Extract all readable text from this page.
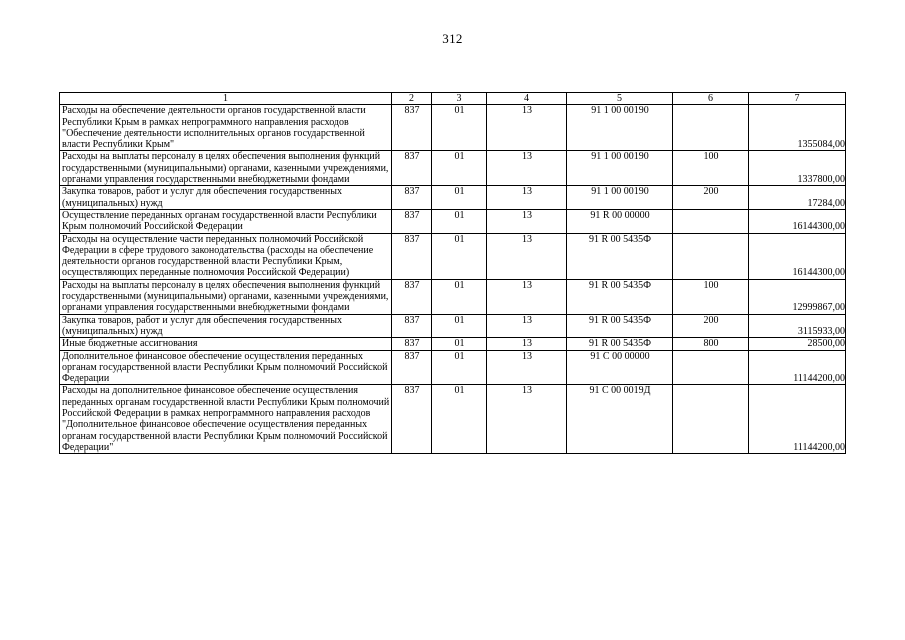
312
1	2	3	4	5	6	7
Расходы на обеспечение деятельности органов государственной власти Республики Крым в рамках непрограммного направления расходов "Обеспечение деятельности исполнительных органов государственной власти Республики Крым"	837	01	13	91 1 00 00190		1355084,00
Расходы на выплаты персоналу в целях обеспечения выполнения функций государственными (муниципальными) органами, казенными учреждениями, органами управления государственными внебюджетными фондами	837	01	13	91 1 00 00190	100	1337800,00
Закупка товаров, работ и услуг для обеспечения государственных (муниципальных) нужд	837	01	13	91 1 00 00190	200	17284,00
Осуществление переданных органам государственной власти Республики Крым полномочий Российской Федерации	837	01	13	91 R 00 00000		16144300,00
Расходы на осуществление части переданных полномочий Российской Федерации в сфере трудового законодательства (расходы на обеспечение деятельности органов государственной власти Республики Крым, осуществляющих переданные полномочия Российской Федерации)	837	01	13	91 R 00 5435Ф		16144300,00
Расходы на выплаты персоналу в целях обеспечения выполнения функций государственными (муниципальными) органами, казенными учреждениями, органами управления государственными внебюджетными фондами	837	01	13	91 R 00 5435Ф	100	12999867,00
Закупка товаров, работ и услуг для обеспечения государственных (муниципальных) нужд	837	01	13	91 R 00 5435Ф	200	3115933,00
Иные бюджетные ассигнования	837	01	13	91 R 00 5435Ф	800	28500,00
Дополнительное финансовое обеспечение осуществления переданных органам государственной власти Республики Крым полномочий Российской Федерации	837	01	13	91 С 00 00000		11144200,00
Расходы на дополнительное финансовое обеспечение осуществления переданных органам государственной власти Республики Крым полномочий Российской Федерации в рамках непрограммного направления расходов "Дополнительное финансовое обеспечение осуществления переданных органам государственной власти Республики Крым полномочий Российской Федерации"	837	01	13	91 С 00 0019Д		11144200,00
